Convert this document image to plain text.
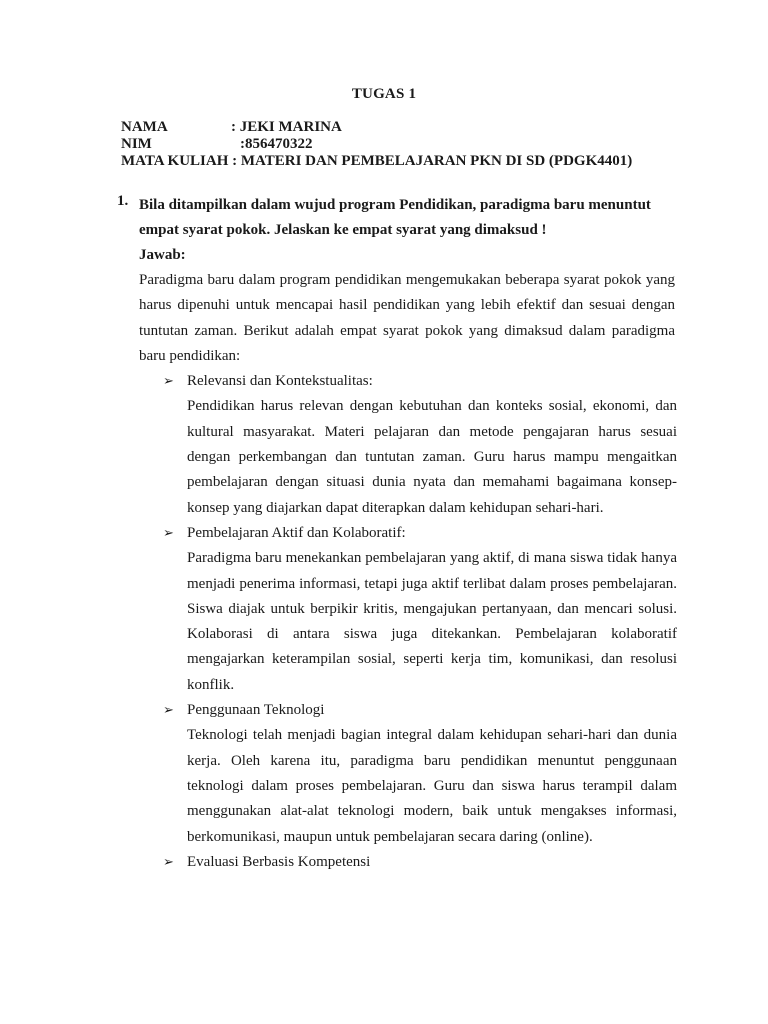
TUGAS 1
NAMA	: JEKI MARINA
NIM	:856470322
MATA KULIAH : MATERI DAN PEMBELAJARAN PKN DI SD (PDGK4401)
1. Bila ditampilkan dalam wujud program Pendidikan, paradigma baru menuntut empat syarat pokok. Jelaskan ke empat syarat yang dimaksud !
Jawab:
Paradigma baru dalam program pendidikan mengemukakan beberapa syarat pokok yang harus dipenuhi untuk mencapai hasil pendidikan yang lebih efektif dan sesuai dengan tuntutan zaman. Berikut adalah empat syarat pokok yang dimaksud dalam paradigma baru pendidikan:
➢ Relevansi dan Kontekstualitas:
Pendidikan harus relevan dengan kebutuhan dan konteks sosial, ekonomi, dan kultural masyarakat. Materi pelajaran dan metode pengajaran harus sesuai dengan perkembangan dan tuntutan zaman. Guru harus mampu mengaitkan pembelajaran dengan situasi dunia nyata dan memahami bagaimana konsep-konsep yang diajarkan dapat diterapkan dalam kehidupan sehari-hari.
➢ Pembelajaran Aktif dan Kolaboratif:
Paradigma baru menekankan pembelajaran yang aktif, di mana siswa tidak hanya menjadi penerima informasi, tetapi juga aktif terlibat dalam proses pembelajaran. Siswa diajak untuk berpikir kritis, mengajukan pertanyaan, dan mencari solusi. Kolaborasi di antara siswa juga ditekankan. Pembelajaran kolaboratif mengajarkan keterampilan sosial, seperti kerja tim, komunikasi, dan resolusi konflik.
➢ Penggunaan Teknologi
Teknologi telah menjadi bagian integral dalam kehidupan sehari-hari dan dunia kerja. Oleh karena itu, paradigma baru pendidikan menuntut penggunaan teknologi dalam proses pembelajaran. Guru dan siswa harus terampil dalam menggunakan alat-alat teknologi modern, baik untuk mengakses informasi, berkomunikasi, maupun untuk pembelajaran secara daring (online).
➢ Evaluasi Berbasis Kompetensi
